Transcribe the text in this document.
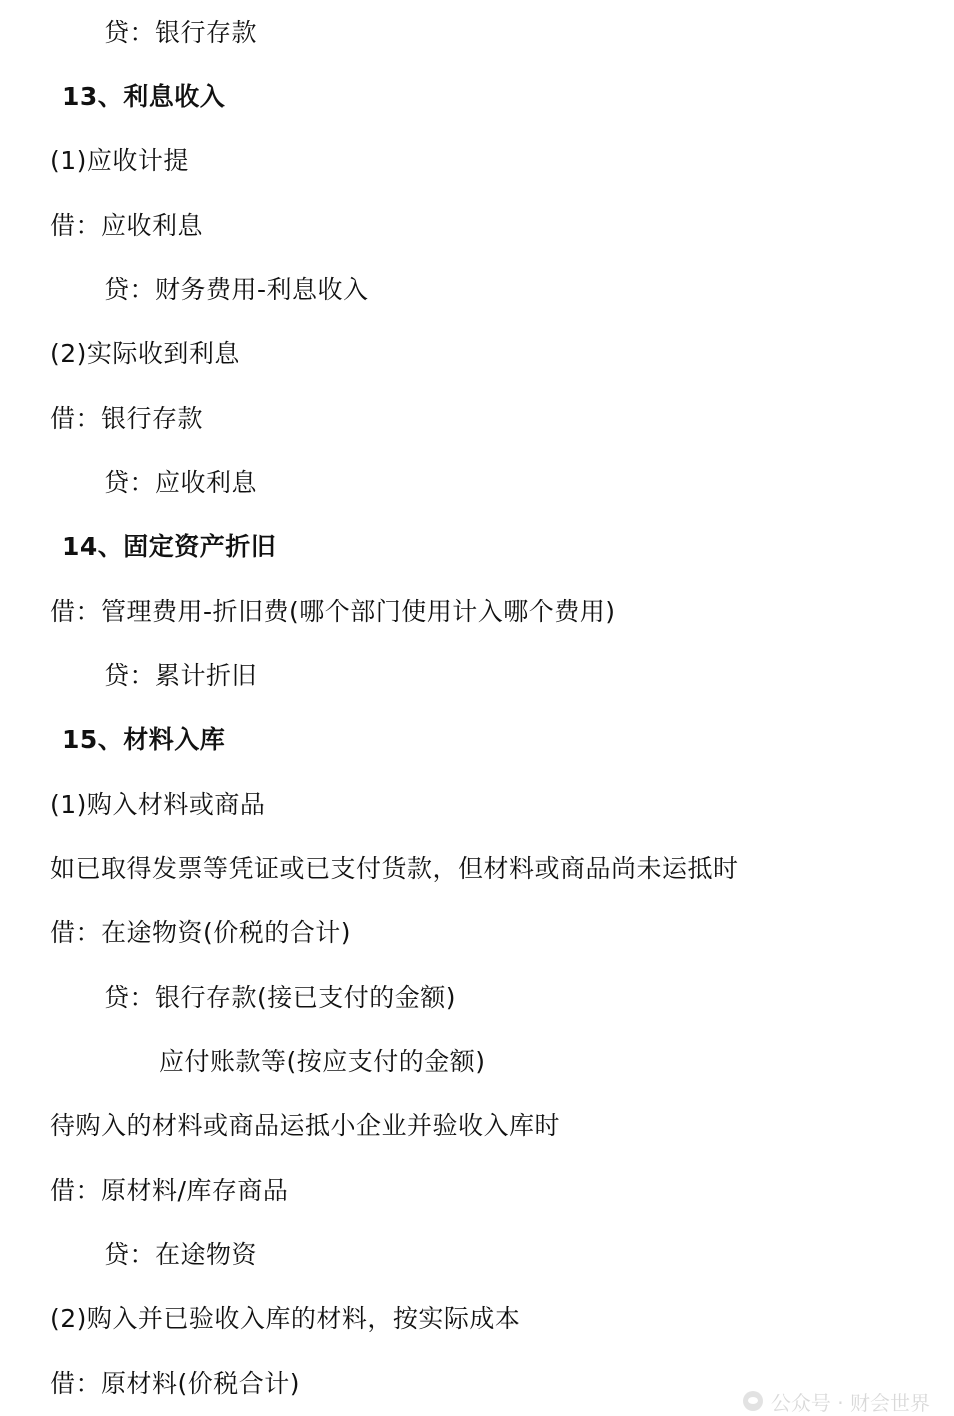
贷：银行存款
13、利息收入
(1)应收计提
借：应收利息
贷：财务费用-利息收入
(2)实际收到利息
借：银行存款
贷：应收利息
14、固定资产折旧
借：管理费用-折旧费(哪个部门使用计入哪个费用)
贷：累计折旧
15、材料入库
(1)购入材料或商品
如已取得发票等凭证或已支付货款，但材料或商品尚未运抵时
借：在途物资(价税的合计)
贷：银行存款(接已支付的金额)
应付账款等(按应支付的金额)
待购入的材料或商品运抵小企业并验收入库时
借：原材料/库存商品
贷：在途物资
(2)购入并已验收入库的材料，按实际成本
借：原材料(价税合计)
公众号 · 财会世界
